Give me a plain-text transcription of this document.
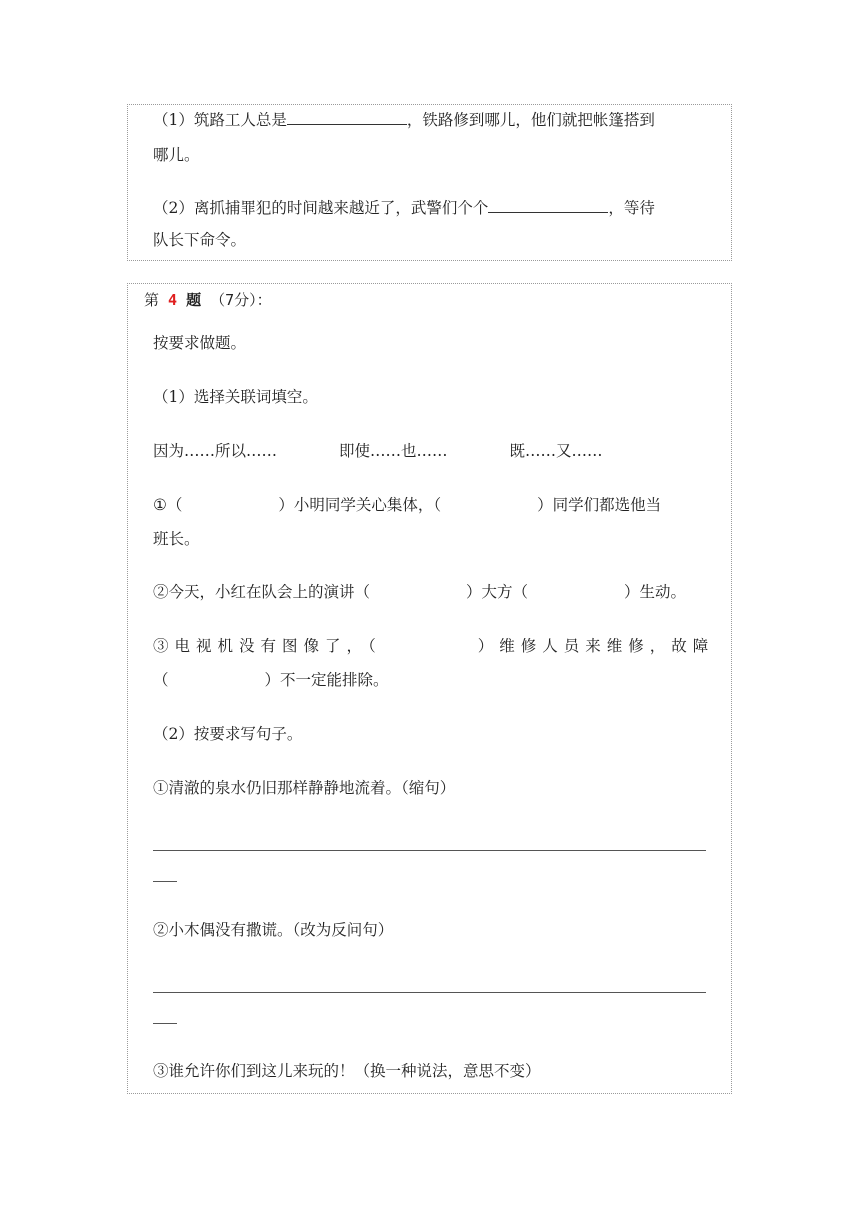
（1）筑路工人总是	，铁路修到哪儿，他们就把帐篷搭到
哪儿。
（2）离抓捕罪犯的时间越来越近了，武警们个个	，等待
队长下命令。
第 4 题 （7分）：
按要求做题。
（1）选择关联词填空。
因为……所以……	即使……也……	既……又……
①（	）小明同学关心集体，（	）同学们都选他当
班长。
②今天，小红在队会上的演讲（	）大方（	）生动。
③电视机没有图像了，（	）维修人员来维修，故障
（	）不一定能排除。
（2）按要求写句子。
①清澈的泉水仍旧那样静静地流着。（缩句）
②小木偶没有撒谎。（改为反问句）
③谁允许你们到这儿来玩的！（换一种说法，意思不变）
